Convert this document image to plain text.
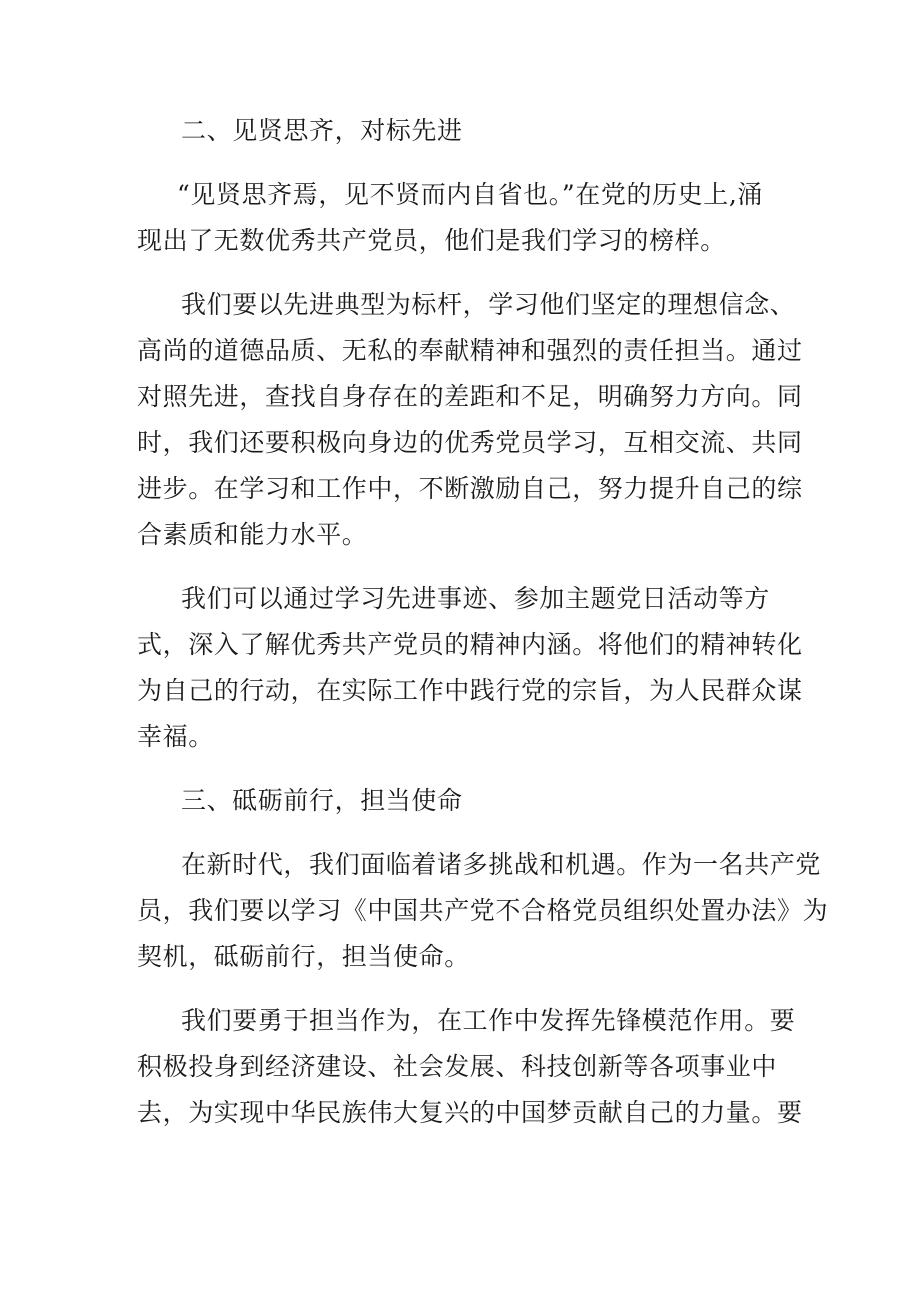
二、见贤思齐，对标先进
“见贤思齐焉，见不贤而内自省也。”在党的历史上,涌
现出了无数优秀共产党员，他们是我们学习的榜样。
我们要以先进典型为标杆，学习他们坚定的理想信念、
高尚的道德品质、无私的奉献精神和强烈的责任担当。通过
对照先进，查找自身存在的差距和不足，明确努力方向。同
时，我们还要积极向身边的优秀党员学习，互相交流、共同
进步。在学习和工作中，不断激励自己，努力提升自己的综
合素质和能力水平。
我们可以通过学习先进事迹、参加主题党日活动等方
式，深入了解优秀共产党员的精神内涵。将他们的精神转化
为自己的行动，在实际工作中践行党的宗旨，为人民群众谋
幸福。
三、砥砺前行，担当使命
在新时代，我们面临着诸多挑战和机遇。作为一名共产党
员，我们要以学习《中国共产党不合格党员组织处置办法》为
契机，砥砺前行，担当使命。
我们要勇于担当作为，在工作中发挥先锋模范作用。要
积极投身到经济建设、社会发展、科技创新等各项事业中
去，为实现中华民族伟大复兴的中国梦贡献自己的力量。要
